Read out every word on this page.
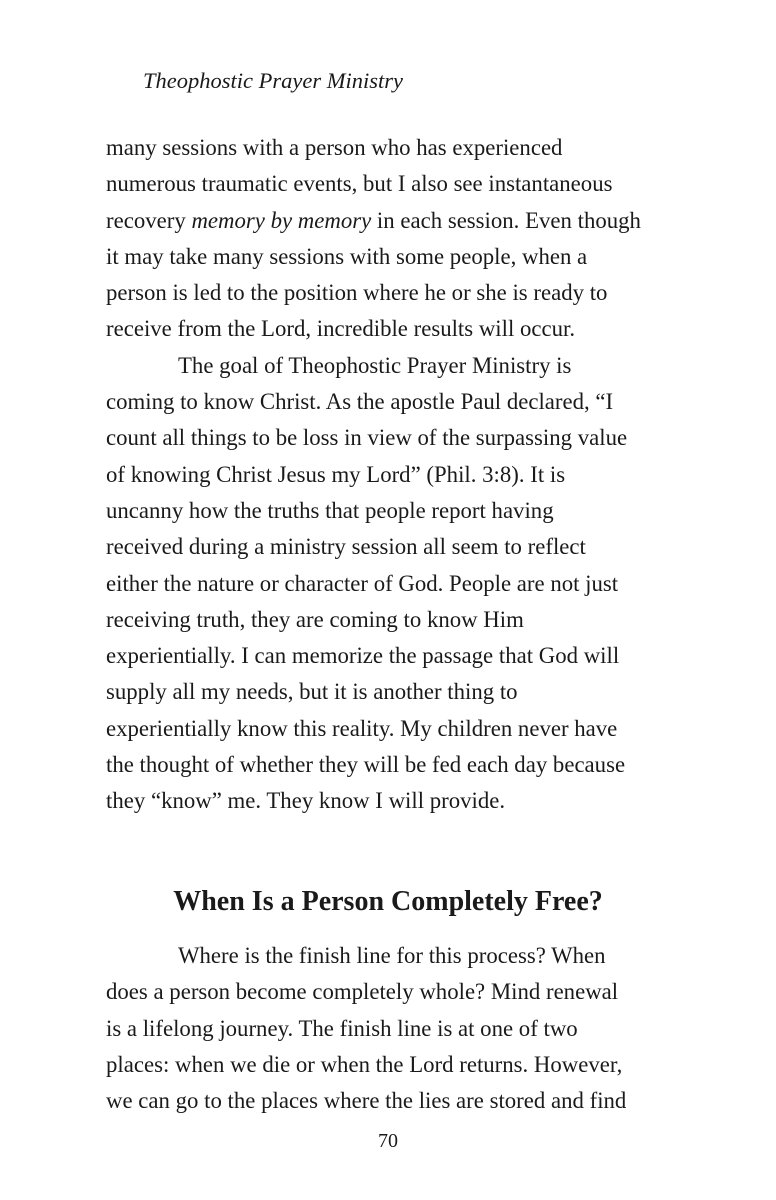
Theophostic Prayer Ministry
many sessions with a person who has experienced
numerous traumatic events, but I also see instantaneous
recovery memory by memory in each session. Even though
it may take many sessions with some people, when a
person is led to the position where he or she is ready to
receive from the Lord, incredible results will occur.
The goal of Theophostic Prayer Ministry is
coming to know Christ. As the apostle Paul declared, “I
count all things to be loss in view of the surpassing value
of knowing Christ Jesus my Lord” (Phil. 3:8). It is
uncanny how the truths that people report having
received during a ministry session all seem to reflect
either the nature or character of God. People are not just
receiving truth, they are coming to know Him
experientially. I can memorize the passage that God will
supply all my needs, but it is another thing to
experientially know this reality. My children never have
the thought of whether they will be fed each day because
they “know” me. They know I will provide.
When Is a Person Completely Free?
Where is the finish line for this process? When
does a person become completely whole? Mind renewal
is a lifelong journey. The finish line is at one of two
places: when we die or when the Lord returns. However,
we can go to the places where the lies are stored and find
70
